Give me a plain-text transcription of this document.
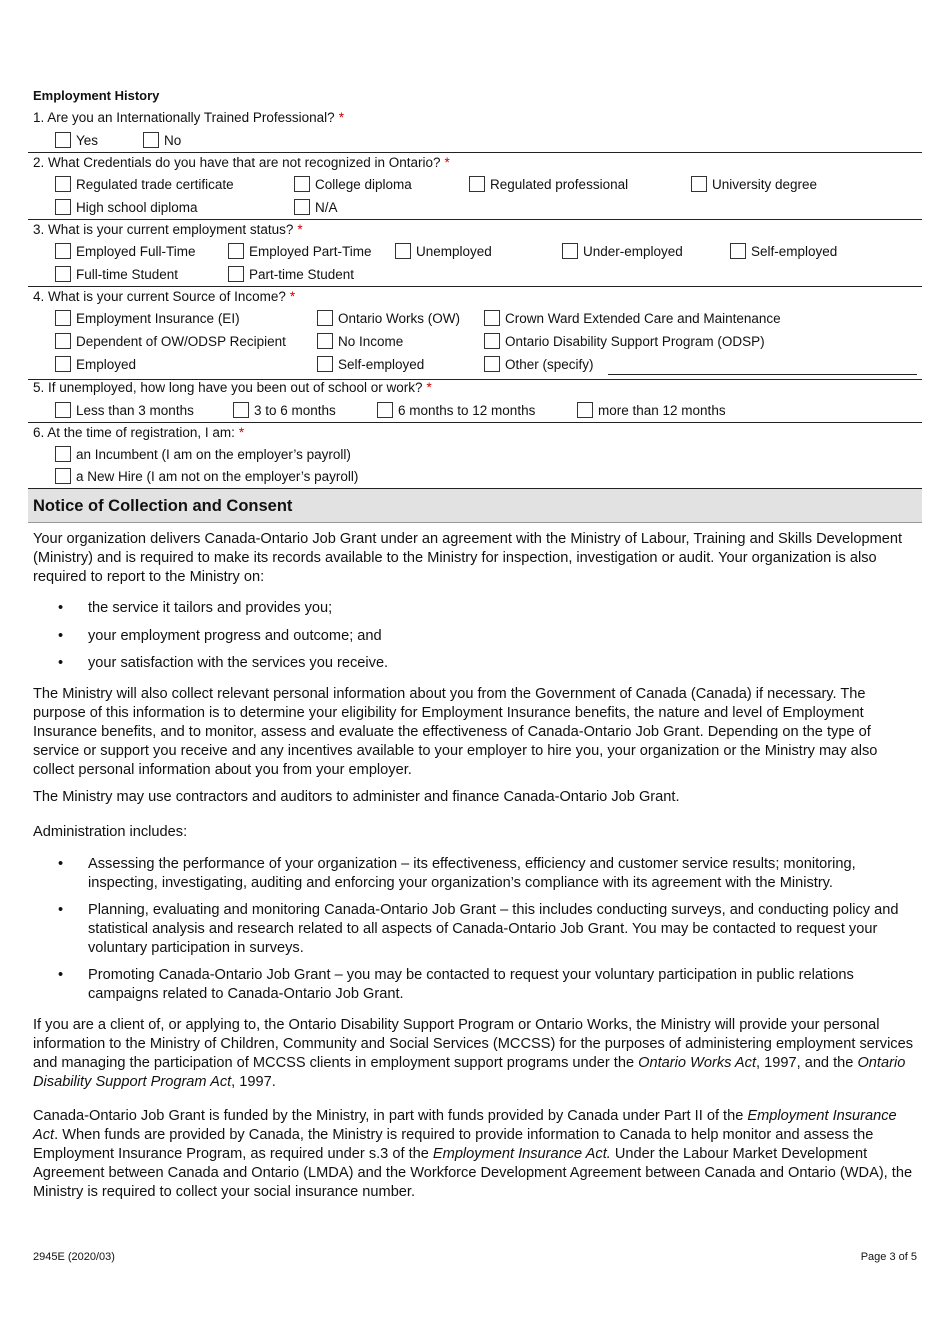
Employment History
1. Are you an Internationally Trained Professional? *
Yes	No
2. What Credentials do you have that are not recognized in Ontario? *
Regulated trade certificate	College diploma	Regulated professional	University degree
High school diploma	N/A
3. What is your current employment status? *
Employed Full-Time	Employed Part-Time	Unemployed	Under-employed	Self-employed
Full-time Student	Part-time Student
4. What is your current Source of Income? *
Employment Insurance (EI)	Ontario Works (OW)	Crown Ward Extended Care and Maintenance
Dependent of OW/ODSP Recipient	No Income	Ontario Disability Support Program (ODSP)
Employed	Self-employed	Other (specify)
5. If unemployed, how long have you been out of school or work? *
Less than 3 months	3 to 6 months	6 months to 12 months	more than 12 months
6. At the time of registration, I am: *
an Incumbent (I am on the employer’s payroll)
a New Hire (I am not on the employer’s payroll)
Notice of Collection and Consent
Your organization delivers Canada-Ontario Job Grant under an agreement with the Ministry of Labour, Training and Skills Development (Ministry) and is required to make its records available to the Ministry for inspection, investigation or audit. Your organization is also required to report to the Ministry on:
• the service it tailors and provides you;
• your employment progress and outcome; and
• your satisfaction with the services you receive.
The Ministry will also collect relevant personal information about you from the Government of Canada (Canada) if necessary. The purpose of this information is to determine your eligibility for Employment Insurance benefits, the nature and level of Employment Insurance benefits, and to monitor, assess and evaluate the effectiveness of Canada-Ontario Job Grant. Depending on the type of service or support you receive and any incentives available to your employer to hire you, your organization or the Ministry may also collect personal information about you from your employer.
The Ministry may use contractors and auditors to administer and finance Canada-Ontario Job Grant.
Administration includes:
• Assessing the performance of your organization – its effectiveness, efficiency and customer service results; monitoring, inspecting, investigating, auditing and enforcing your organization’s compliance with its agreement with the Ministry.
• Planning, evaluating and monitoring Canada-Ontario Job Grant – this includes conducting surveys, and conducting policy and statistical analysis and research related to all aspects of Canada-Ontario Job Grant. You may be contacted to request your voluntary participation in surveys.
• Promoting Canada-Ontario Job Grant – you may be contacted to request your voluntary participation in public relations campaigns related to Canada-Ontario Job Grant.
If you are a client of, or applying to, the Ontario Disability Support Program or Ontario Works, the Ministry will provide your personal information to the Ministry of Children, Community and Social Services (MCCSS) for the purposes of administering employment services and managing the participation of MCCSS clients in employment support programs under the Ontario Works Act, 1997, and the Ontario Disability Support Program Act, 1997.
Canada-Ontario Job Grant is funded by the Ministry, in part with funds provided by Canada under Part II of the Employment Insurance Act. When funds are provided by Canada, the Ministry is required to provide information to Canada to help monitor and assess the Employment Insurance Program, as required under s.3 of the Employment Insurance Act. Under the Labour Market Development Agreement between Canada and Ontario (LMDA) and the Workforce Development Agreement between Canada and Ontario (WDA), the Ministry is required to collect your social insurance number.
2945E (2020/03)	Page 3 of 5
